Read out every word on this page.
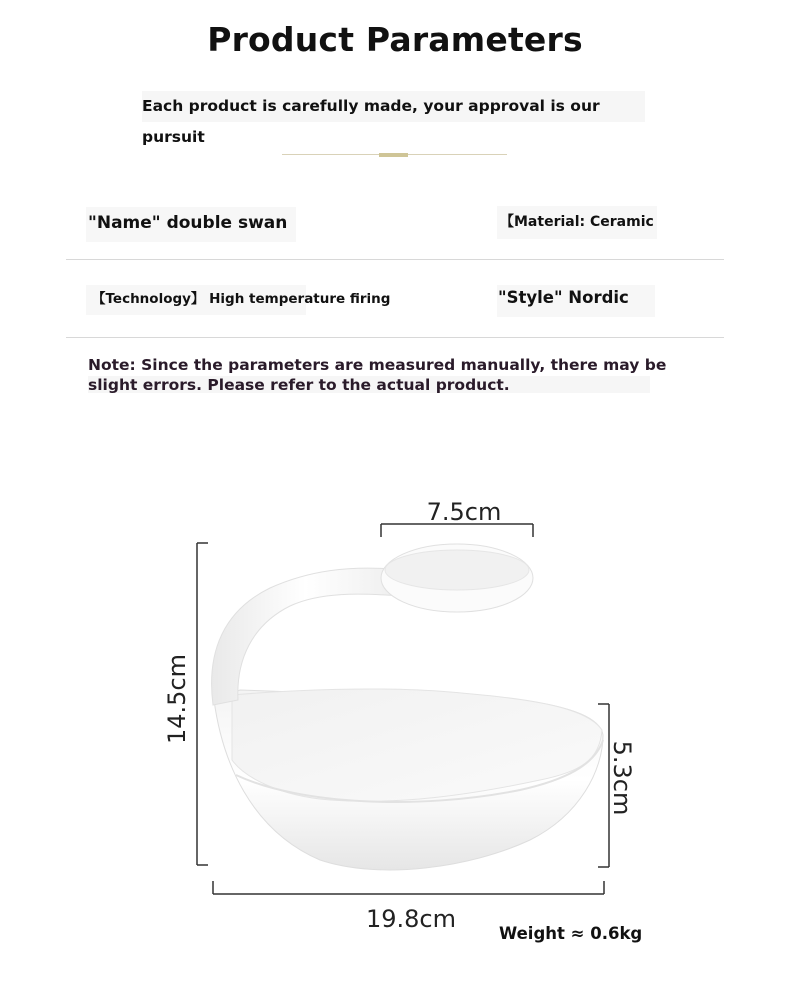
Product Parameters
Each product is carefully made, your approval is our pursuit
"Name" double swan	【Material: Ceramic
【Technology】 High temperature firing	"Style" Nordic
Note: Since the parameters are measured manually, there may be slight errors. Please refer to the actual product.
7.5cm
14.5cm
5.3cm
19.8cm
Weight ≈ 0.6kg
